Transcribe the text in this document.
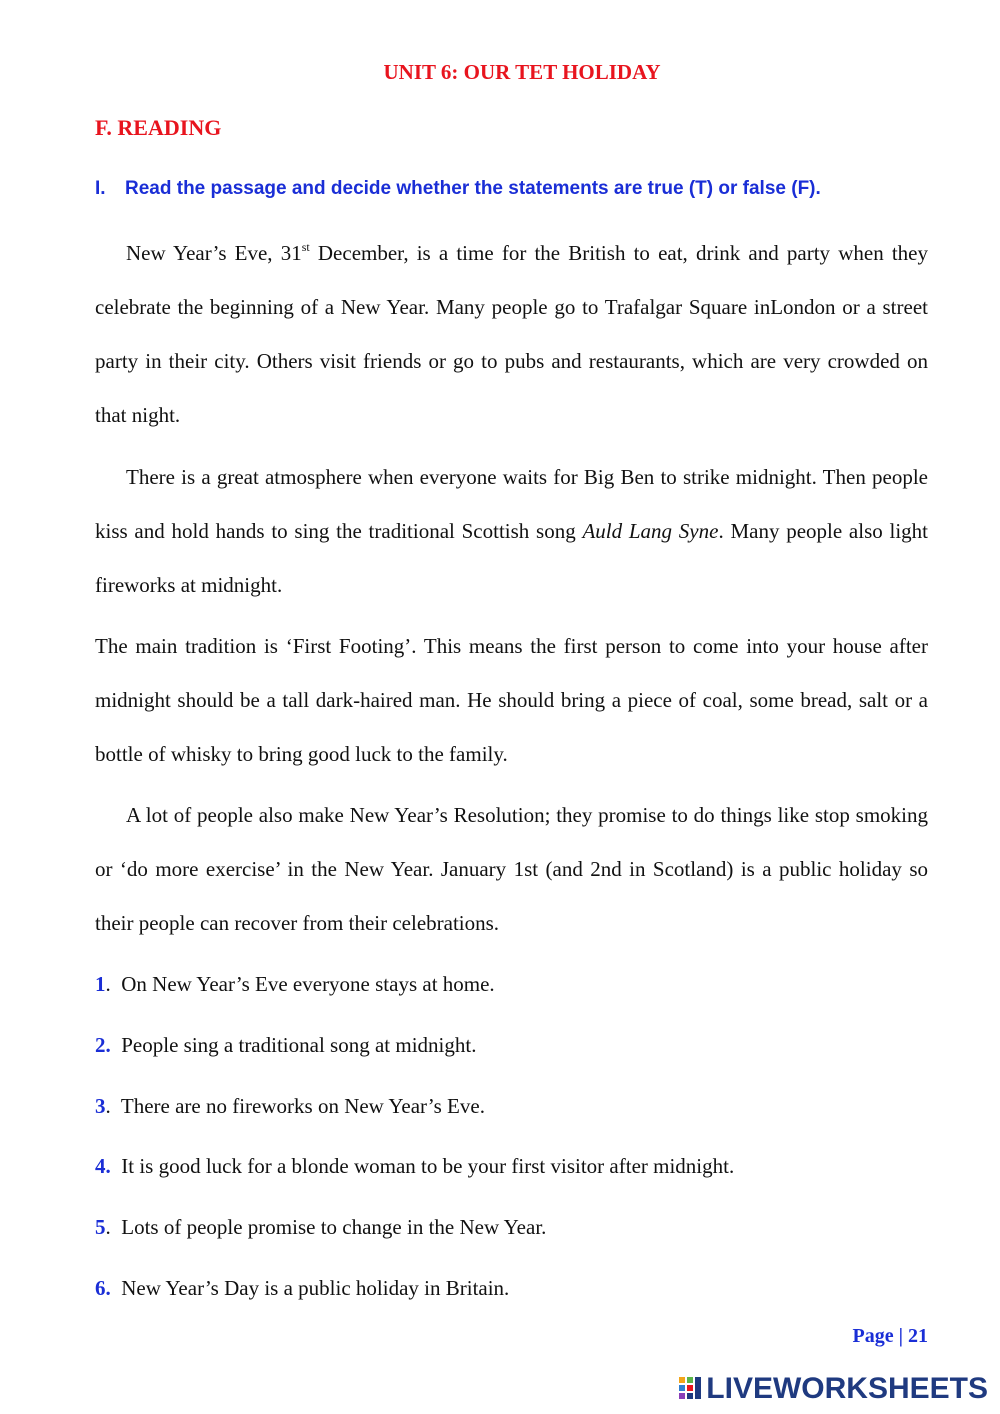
UNIT 6: OUR TET HOLIDAY
F. READING
I. Read the passage and decide whether the statements are true (T) or false (F).

New Year’s Eve, 31st December, is a time for the British to eat, drink and party when they celebrate the beginning of a New Year. Many people go to Trafalgar Square inLondon or a street party in their city. Others visit friends or go to pubs and restaurants, which are very crowded on that night.

There is a great atmosphere when everyone waits for Big Ben to strike midnight. Then people kiss and hold hands to sing the traditional Scottish song Auld Lang Syne. Many people also light fireworks at midnight.

The main tradition is ‘First Footing’. This means the first person to come into your house after midnight should be a tall dark-haired man. He should bring a piece of coal, some bread, salt or a bottle of whisky to bring good luck to the family.

A lot of people also make New Year’s Resolution; they promise to do things like stop smoking or ‘do more exercise’ in the New Year. January 1st (and 2nd in Scotland) is a public holiday so their people can recover from their celebrations.

1. On New Year’s Eve everyone stays at home.
2. People sing a traditional song at midnight.
3. There are no fireworks on New Year’s Eve.
4. It is good luck for a blonde woman to be your first visitor after midnight.
5. Lots of people promise to change in the New Year.
6. New Year’s Day is a public holiday in Britain.
Page | 21
LIVEWORKSHEETS
